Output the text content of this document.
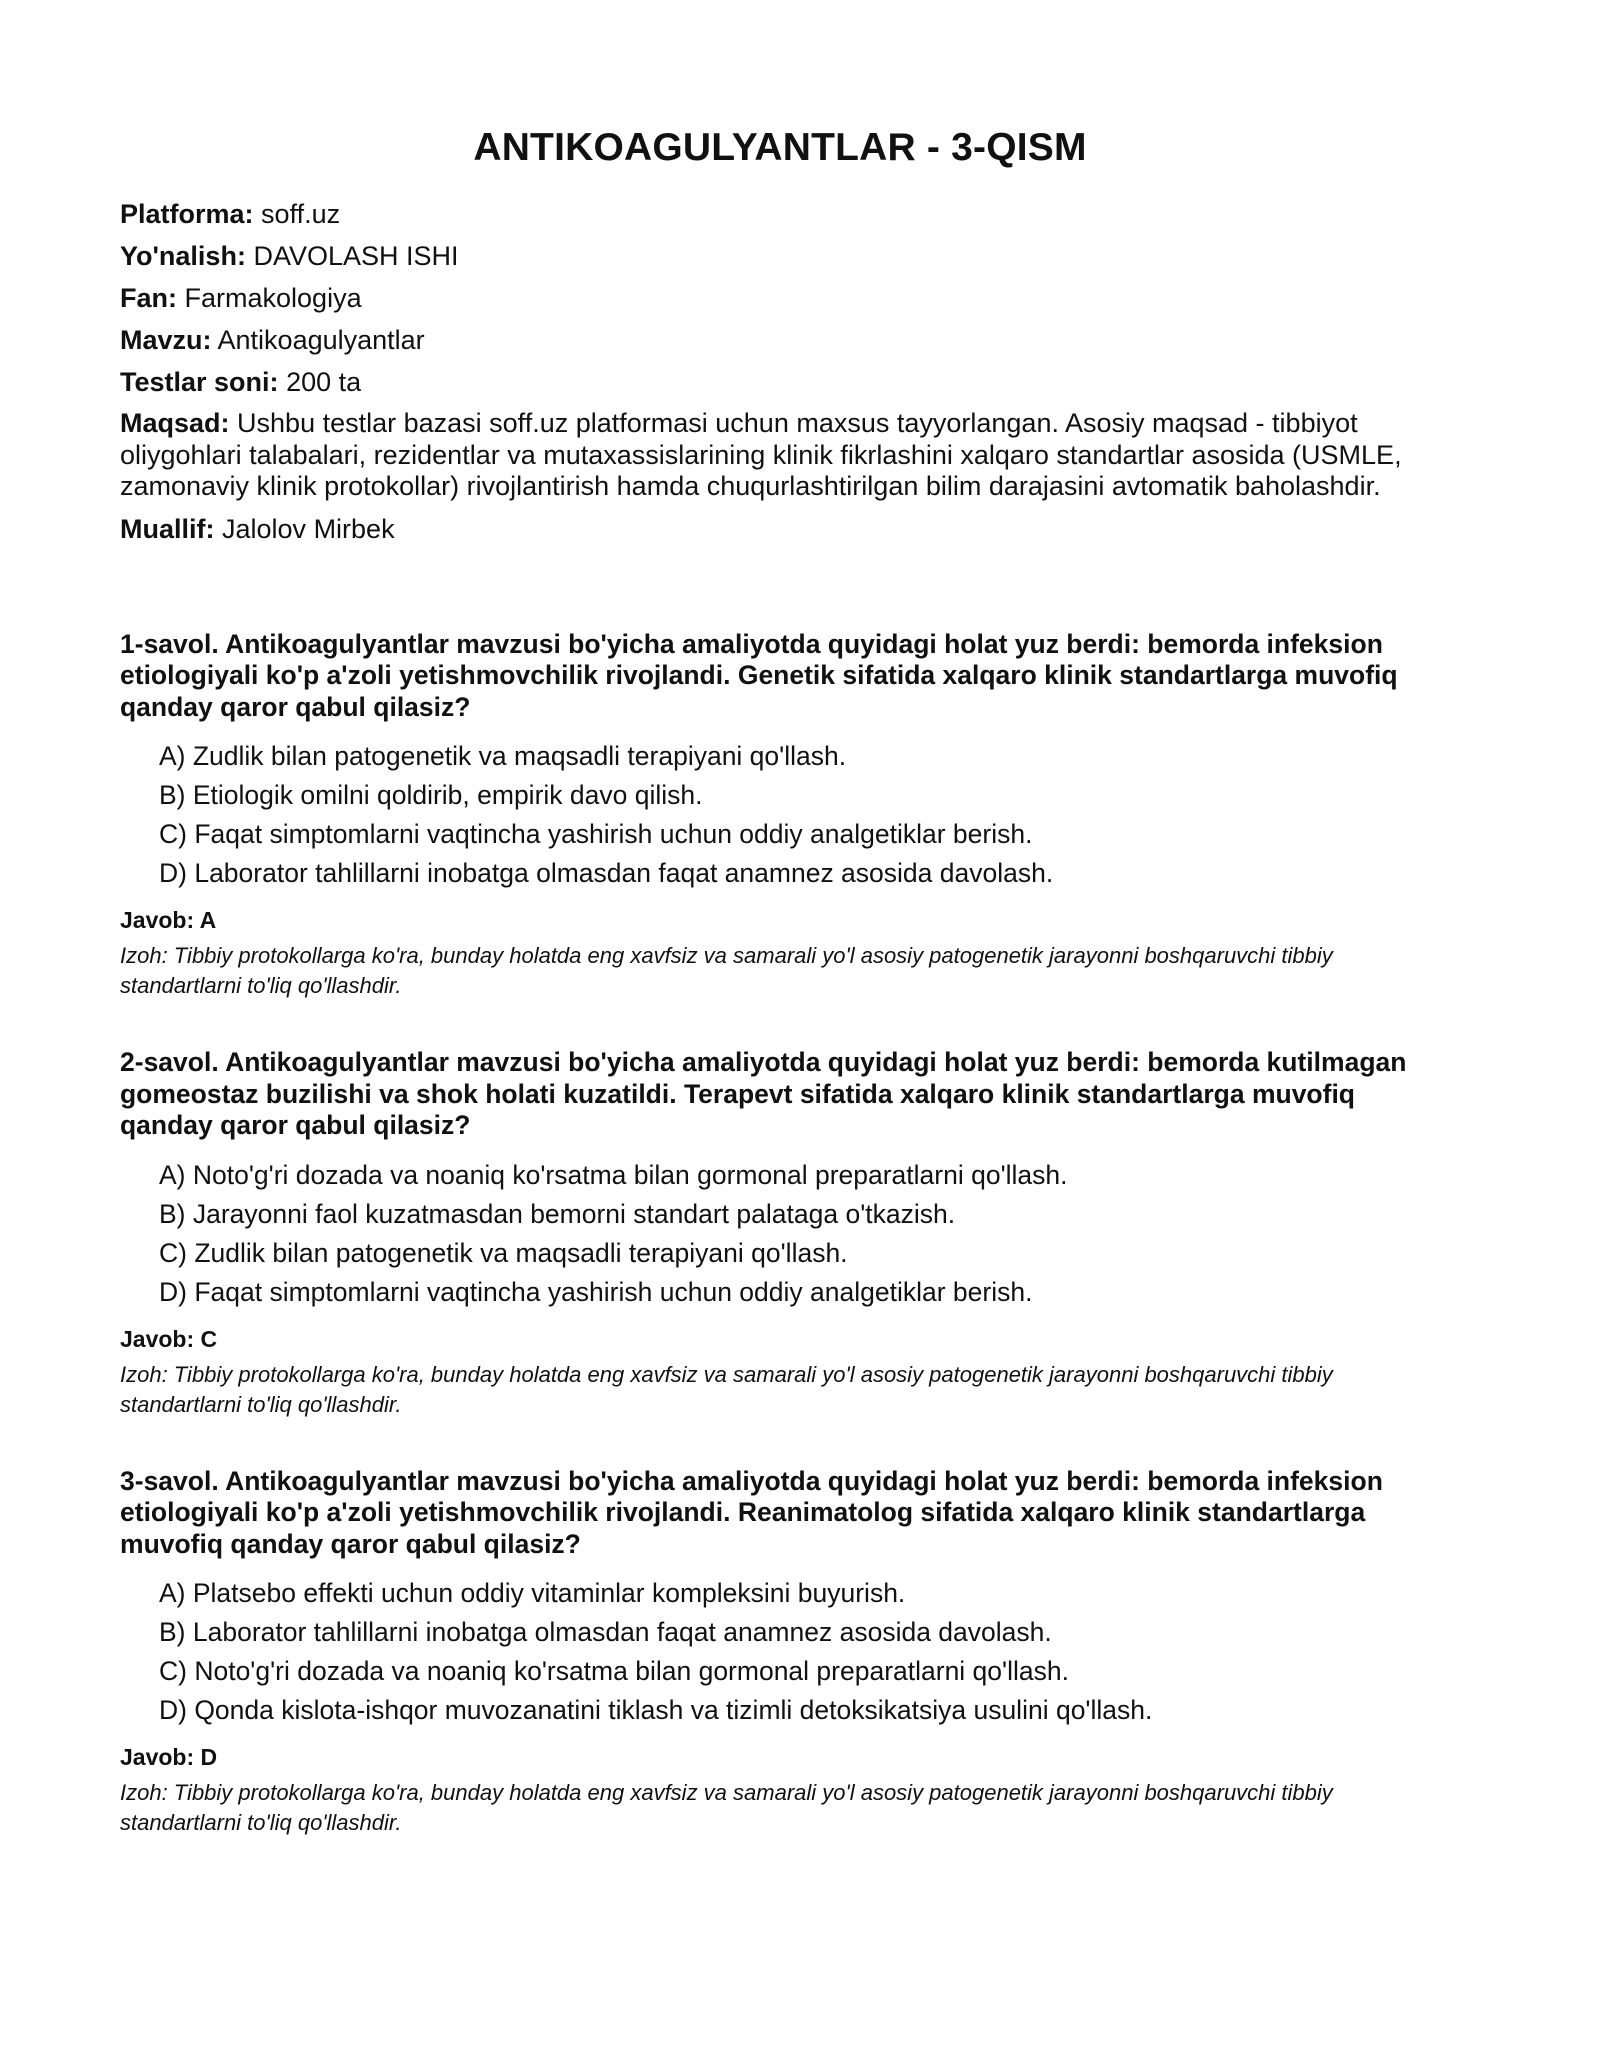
ANTIKOAGULYANTLAR - 3-QISM
Platforma: soff.uz
Yo'nalish: DAVOLASH ISHI
Fan: Farmakologiya
Mavzu: Antikoagulyantlar
Testlar soni: 200 ta
Maqsad: Ushbu testlar bazasi soff.uz platformasi uchun maxsus tayyorlangan. Asosiy maqsad - tibbiyot oliygohlari talabalari, rezidentlar va mutaxassislarining klinik fikrlashini xalqaro standartlar asosida (USMLE, zamonaviy klinik protokollar) rivojlantirish hamda chuqurlashtirilgan bilim darajasini avtomatik baholashdir.
Muallif: Jalolov Mirbek

1-savol. Antikoagulyantlar mavzusi bo'yicha amaliyotda quyidagi holat yuz berdi: bemorda infeksion etiologiyali ko'p a'zoli yetishmovchilik rivojlandi. Genetik sifatida xalqaro klinik standartlarga muvofiq qanday qaror qabul qilasiz?

A) Zudlik bilan patogenetik va maqsadli terapiyani qo'llash.
B) Etiologik omilni qoldirib, empirik davo qilish.
C) Faqat simptomlarni vaqtincha yashirish uchun oddiy analgetiklar berish.
D) Laborator tahlillarni inobatga olmasdan faqat anamnez asosida davolash.

Javob: A

Izoh: Tibbiy protokollarga ko'ra, bunday holatda eng xavfsiz va samarali yo'l asosiy patogenetik jarayonni boshqaruvchi tibbiy standartlarni to'liq qo'llashdir.

2-savol. Antikoagulyantlar mavzusi bo'yicha amaliyotda quyidagi holat yuz berdi: bemorda kutilmagan gomeostaz buzilishi va shok holati kuzatildi. Terapevt sifatida xalqaro klinik standartlarga muvofiq qanday qaror qabul qilasiz?

A) Noto'g'ri dozada va noaniq ko'rsatma bilan gormonal preparatlarni qo'llash.
B) Jarayonni faol kuzatmasdan bemorni standart palataga o'tkazish.
C) Zudlik bilan patogenetik va maqsadli terapiyani qo'llash.
D) Faqat simptomlarni vaqtincha yashirish uchun oddiy analgetiklar berish.

Javob: C

Izoh: Tibbiy protokollarga ko'ra, bunday holatda eng xavfsiz va samarali yo'l asosiy patogenetik jarayonni boshqaruvchi tibbiy standartlarni to'liq qo'llashdir.

3-savol. Antikoagulyantlar mavzusi bo'yicha amaliyotda quyidagi holat yuz berdi: bemorda infeksion etiologiyali ko'p a'zoli yetishmovchilik rivojlandi. Reanimatolog sifatida xalqaro klinik standartlarga muvofiq qanday qaror qabul qilasiz?

A) Platsebo effekti uchun oddiy vitaminlar kompleksini buyurish.
B) Laborator tahlillarni inobatga olmasdan faqat anamnez asosida davolash.
C) Noto'g'ri dozada va noaniq ko'rsatma bilan gormonal preparatlarni qo'llash.
D) Qonda kislota-ishqor muvozanatini tiklash va tizimli detoksikatsiya usulini qo'llash.

Javob: D

Izoh: Tibbiy protokollarga ko'ra, bunday holatda eng xavfsiz va samarali yo'l asosiy patogenetik jarayonni boshqaruvchi tibbiy standartlarni to'liq qo'llashdir.
